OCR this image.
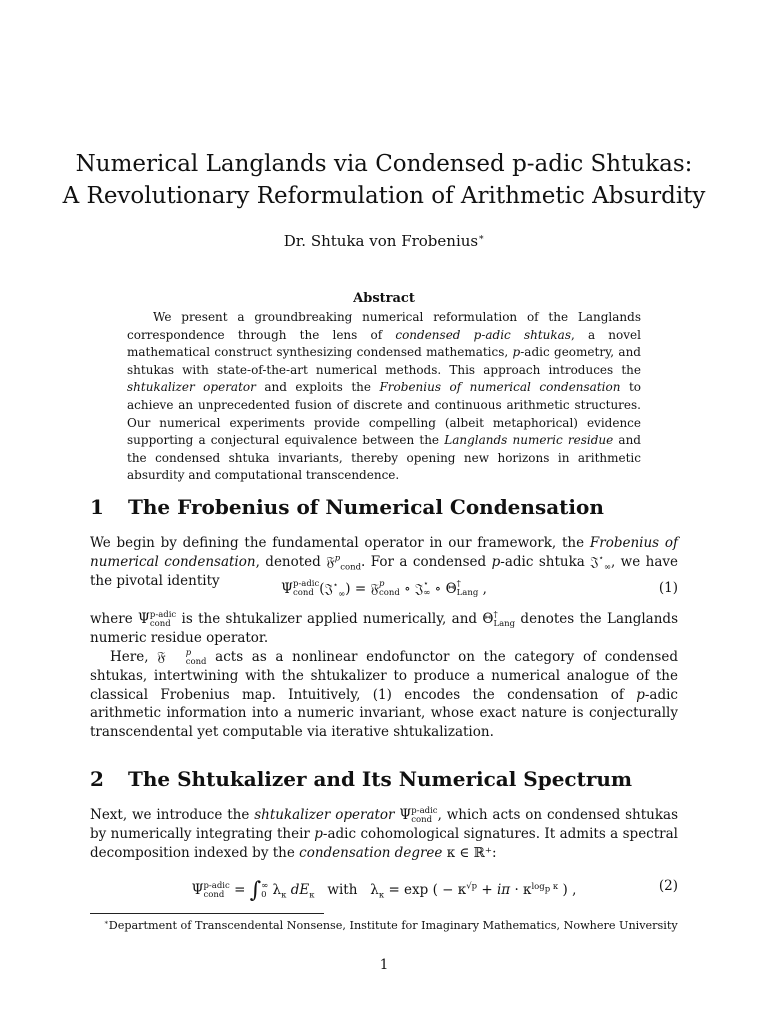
Numerical Langlands via Condensed p-adic Shtukas:
A Revolutionary Reformulation of Arithmetic Absurdity
Dr. Shtuka von Frobenius∗
Abstract

We present a groundbreaking numerical reformulation of the Langlands correspondence through the lens of condensed p-adic shtukas, a novel mathematical construct synthesizing condensed mathematics, p-adic geometry, and shtukas with state-of-the-art numerical methods. This approach introduces the shtukalizer operator and exploits the Frobenius of numerical condensation to achieve an unprecedented fusion of discrete and continuous arithmetic structures. Our numerical experiments provide compelling (albeit metaphorical) evidence supporting a conjectural equivalence between the Langlands numeric residue and the condensed shtuka invariants, thereby opening new horizons in arithmetic absurdity and computational transcendence.

1 The Frobenius of Numerical Condensation

We begin by defining the fundamental operator in our framework, the Frobenius of numerical condensation, denoted 𝔉$^p_{cond}$. For a condensed p-adic shtuka 𝔍⋆$_\infty$, we have the pivotal identity	Ψ p-adic
cond (𝔍⋆$_\infty$) = 𝔉 p
cond ∘ 𝔍 ⋆
∞ ∘ Θ †
Lang ,	(1)

where Ψ p-adic
cond is the shtukalizer applied numerically, and Θ †
Lang denotes the Langlands numeric residue operator.

Here, 𝔉	p
cond acts as a nonlinear endofunctor on the category of condensed shtukas, intertwining with the shtukalizer to produce a numerical analogue of the classical Frobenius map. Intuitively, (1) encodes the condensation of p-adic arithmetic information into a numeric invariant, whose exact nature is conjecturally transcendental yet computable via iterative shtukalization.

2 The Shtukalizer and Its Numerical Spectrum

Next, we introduce the shtukalizer operator Ψ p-adic
cond , which acts on condensed shtukas by numerically integrating their p-adic cohomological signatures. It admits a spectral decomposition indexed by the condensation degree κ ∈ ℝ⁺:

Ψ p-adic
cond = ∫ ∞
0 $\lambda_\kappa$ $dE_\kappa$ with   $\lambda_\kappa = \exp$ ( − $\kappa^{√p} + i\pi \cdot \kappa^{log_p \kappa}$ ) ,	(2)
∗Department of Transcendental Nonsense, Institute for Imaginary Mathematics, Nowhere University
1
